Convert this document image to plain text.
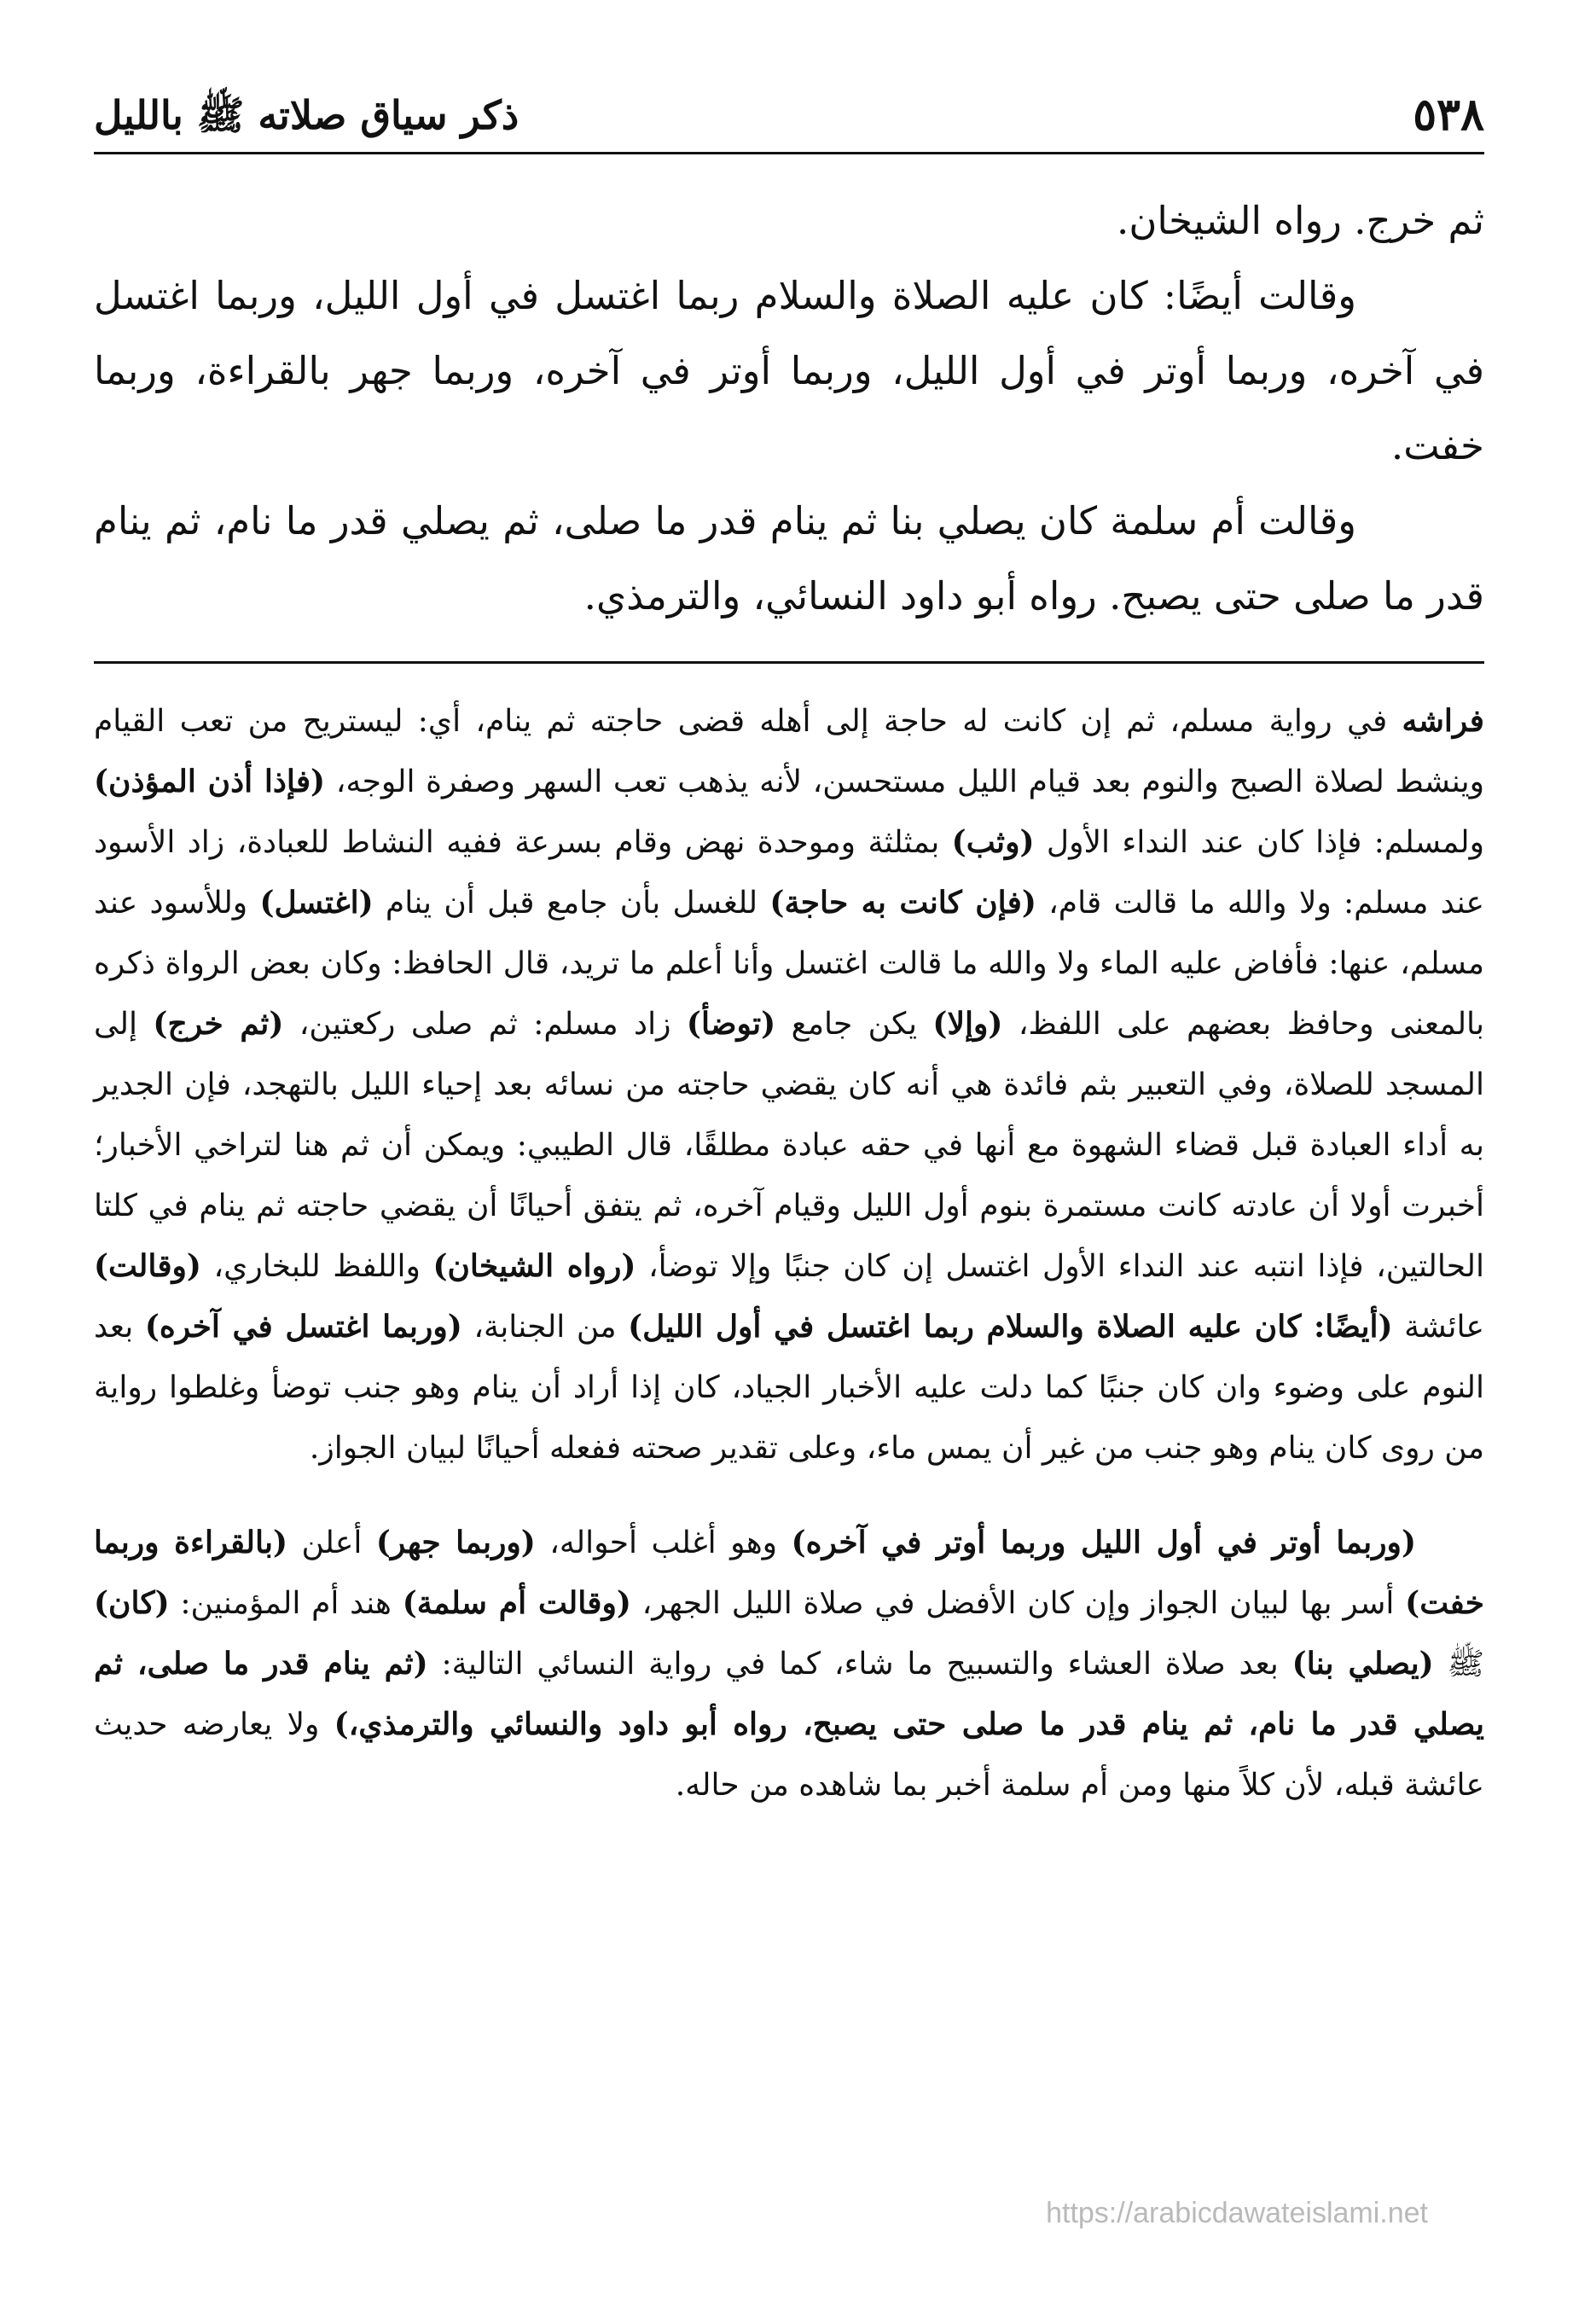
٥٣٨
ذكر سياق صلاته ﷺ بالليل

ثم خرج. رواه الشيخان.

وقالت أيضًا: كان عليه الصلاة والسلام ربما اغتسل في أول الليل، وربما اغتسل في آخره، وربما أوتر في أول الليل، وربما أوتر في آخره، وربما جهر بالقراءة، وربما خفت.

وقالت أم سلمة كان يصلي بنا ثم ينام قدر ما صلى، ثم يصلي قدر ما نام، ثم ينام قدر ما صلى حتى يصبح. رواه أبو داود النسائي، والترمذي.

فراشه في رواية مسلم، ثم إن كانت له حاجة إلى أهله قضى حاجته ثم ينام، أي: ليستريح من تعب القيام وينشط لصلاة الصبح والنوم بعد قيام الليل مستحسن، لأنه يذهب تعب السهر وصفرة الوجه، (فإذا أذن المؤذن) ولمسلم: فإذا كان عند النداء الأول (وثب) بمثلثة وموحدة نهض وقام بسرعة ففيه النشاط للعبادة، زاد الأسود عند مسلم: ولا والله ما قالت قام، (فإن كانت به حاجة) للغسل بأن جامع قبل أن ينام (اغتسل) وللأسود عند مسلم، عنها: فأفاض عليه الماء ولا والله ما قالت اغتسل وأنا أعلم ما تريد، قال الحافظ: وكان بعض الرواة ذكره بالمعنى وحافظ بعضهم على اللفظ، (وإلا) يكن جامع (توضأ) زاد مسلم: ثم صلى ركعتين، (ثم خرج) إلى المسجد للصلاة، وفي التعبير بثم فائدة هي أنه كان يقضي حاجته من نسائه بعد إحياء الليل بالتهجد، فإن الجدير به أداء العبادة قبل قضاء الشهوة مع أنها في حقه عبادة مطلقًا، قال الطيبي: ويمكن أن ثم هنا لتراخي الأخبار؛ أخبرت أولا أن عادته كانت مستمرة بنوم أول الليل وقيام آخره، ثم يتفق أحيانًا أن يقضي حاجته ثم ينام في كلتا الحالتين، فإذا انتبه عند النداء الأول اغتسل إن كان جنبًا وإلا توضأ، (رواه الشيخان) واللفظ للبخاري، (وقالت) عائشة (أيضًا: كان عليه الصلاة والسلام ربما اغتسل في أول الليل) من الجنابة، (وربما اغتسل في آخره) بعد النوم على وضوء وان كان جنبًا كما دلت عليه الأخبار الجياد، كان إذا أراد أن ينام وهو جنب توضأ وغلطوا رواية من روى كان ينام وهو جنب من غير أن يمس ماء، وعلى تقدير صحته ففعله أحيانًا لبيان الجواز.

(وربما أوتر في أول الليل وربما أوتر في آخره) وهو أغلب أحواله، (وربما جهر) أعلن (بالقراءة وربما خفت) أسر بها لبيان الجواز وإن كان الأفضل في صلاة الليل الجهر، (وقالت أم سلمة) هند أم المؤمنين: (كان) ﷺ (يصلي بنا) بعد صلاة العشاء والتسبيح ما شاء، كما في رواية النسائي التالية: (ثم ينام قدر ما صلى، ثم يصلي قدر ما نام، ثم ينام قدر ما صلى حتى يصبح، رواه أبو داود والنسائي والترمذي،) ولا يعارضه حديث عائشة قبله، لأن كلاً منها ومن أم سلمة أخبر بما شاهده من حاله.

https://arabicdawateislami.net
